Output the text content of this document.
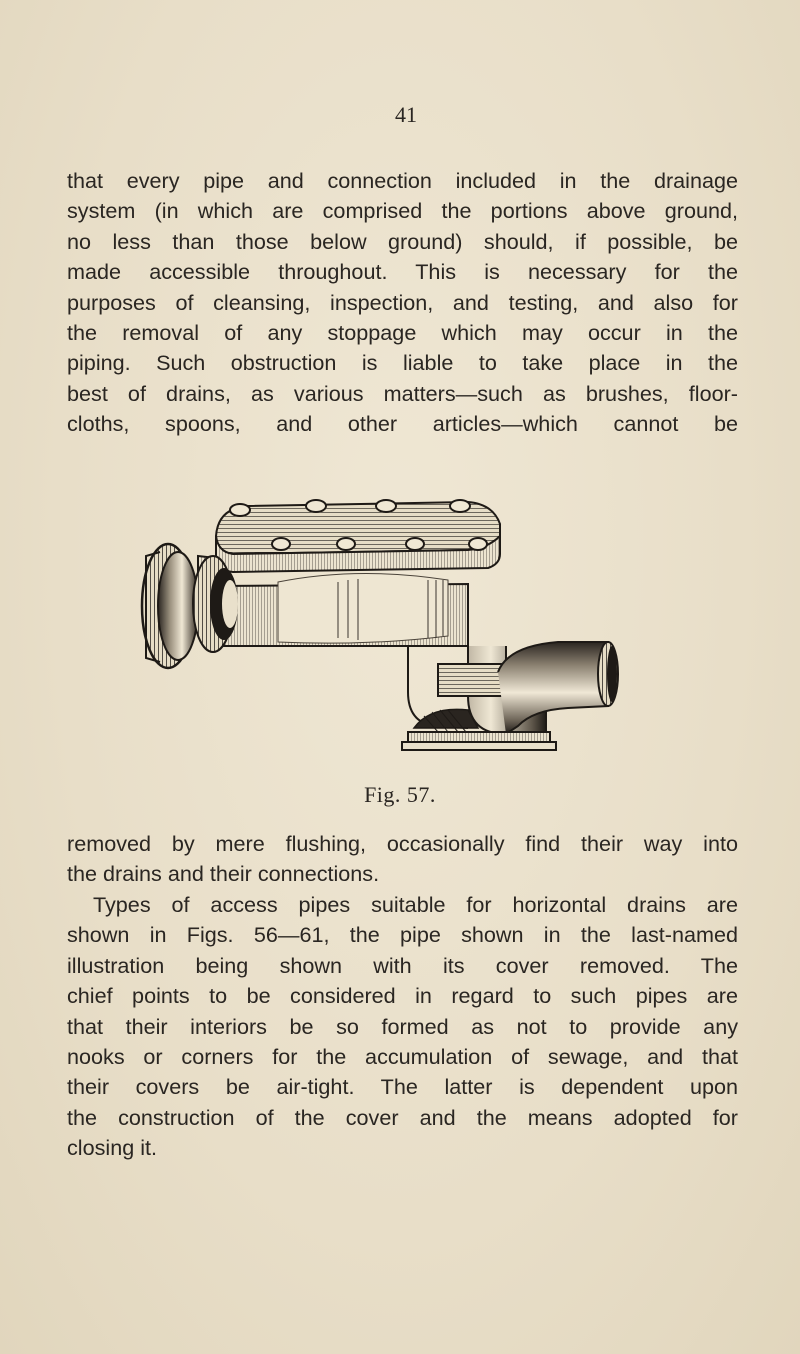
41
that every pipe and connection included in the drainage
system (in which are comprised the portions above ground,
no less than those below ground) should, if possible, be
made accessible throughout. This is necessary for the
purposes of cleansing, inspection, and testing, and also for
the removal of any stoppage which may occur in the
piping. Such obstruction is liable to take place in the
best of drains, as various matters—such as brushes, floor-
cloths, spoons, and other articles—which cannot be
Fig. 57.
removed by mere flushing, occasionally find their way into
the drains and their connections.
Types of access pipes suitable for horizontal drains are
shown in Figs. 56—61, the pipe shown in the last-named
illustration being shown with its cover removed. The
chief points to be considered in regard to such pipes are
that their interiors be so formed as not to provide any
nooks or corners for the accumulation of sewage, and that
their covers be air-tight. The latter is dependent upon
the construction of the cover and the means adopted for
closing it.
